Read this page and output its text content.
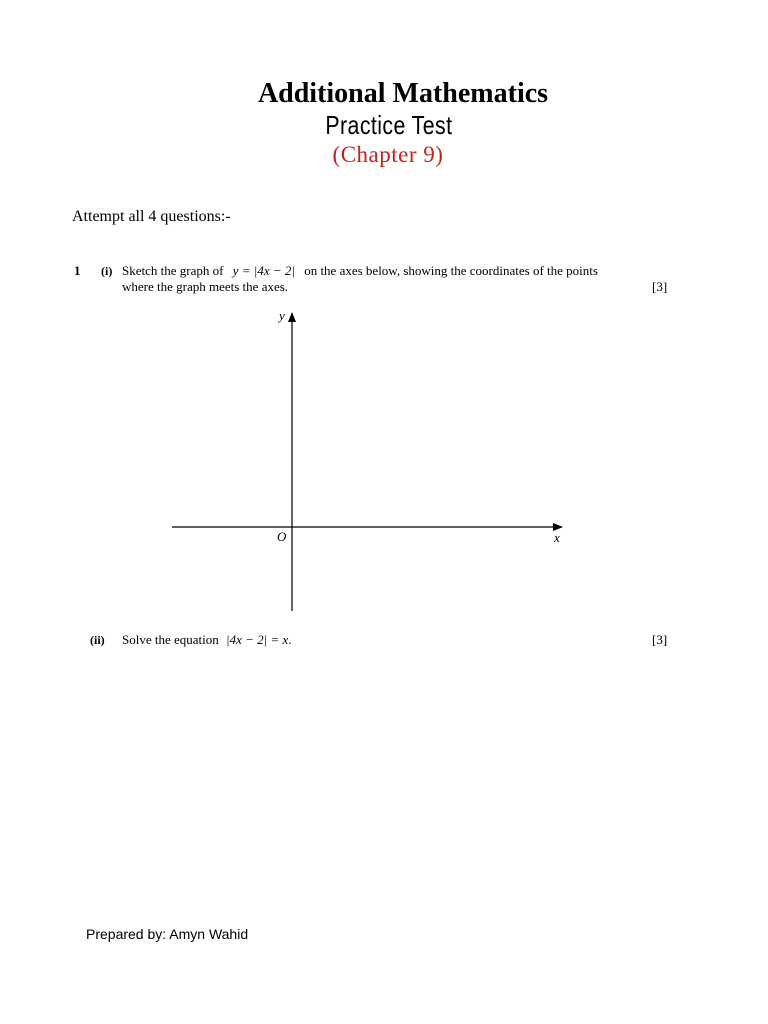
Additional Mathematics
Practice Test
(Chapter 9)
Attempt all 4 questions:-
1 (i) Sketch the graph of y = |4x − 2| on the axes below, showing the coordinates of the points
where the graph meets the axes.	[3]
y
x
O
(ii) Solve the equation |4x − 2| = x.	[3]
Prepared by: Amyn Wahid
